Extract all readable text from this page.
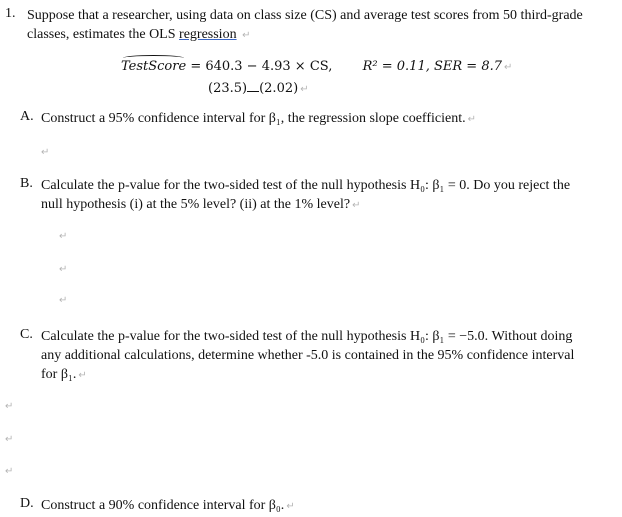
1. Suppose that a researcher, using data on class size (CS) and average test scores from 50 third-grade
classes, estimates the OLS regression ↵
TestScore = 640.3 − 4.93 × CS, R² = 0.11, SER = 8.7 ↵
(23.5) (2.02) ↵
A. Construct a 95% confidence interval for β₁, the regression slope coefficient. ↵
↵
B. Calculate the p-value for the two-sided test of the null hypothesis H₀: β₁ = 0. Do you reject the
null hypothesis (i) at the 5% level? (ii) at the 1% level? ↵
↵
↵
↵
C. Calculate the p-value for the two-sided test of the null hypothesis H₀: β₁ = −5.0. Without doing
any additional calculations, determine whether -5.0 is contained in the 95% confidence interval
for β₁. ↵
↵
↵
↵
D. Construct a 90% confidence interval for β₀. ↵
